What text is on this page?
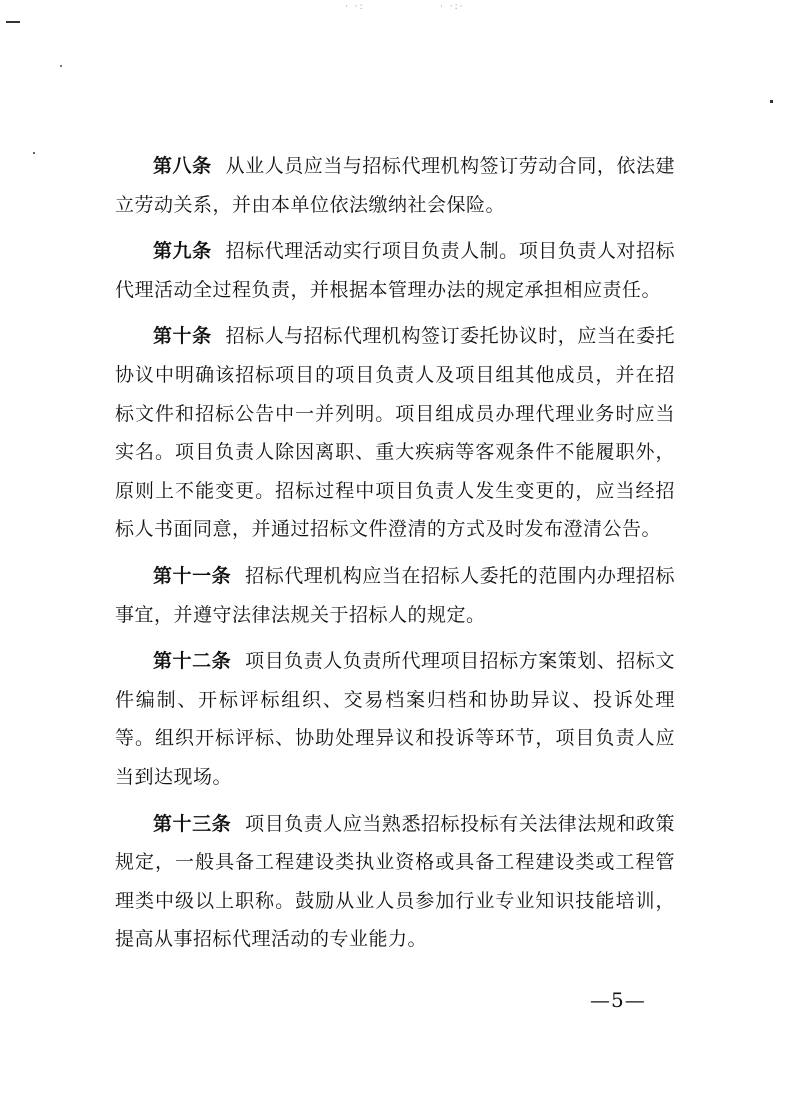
· ·:	· ·:·

第八条 从业人员应当与招标代理机构签订劳动合同，依法建立劳动关系，并由本单位依法缴纳社会保险。

第九条 招标代理活动实行项目负责人制。项目负责人对招标代理活动全过程负责，并根据本管理办法的规定承担相应责任。

第十条 招标人与招标代理机构签订委托协议时，应当在委托协议中明确该招标项目的项目负责人及项目组其他成员，并在招标文件和招标公告中一并列明。项目组成员办理代理业务时应当实名。项目负责人除因离职、重大疾病等客观条件不能履职外，原则上不能变更。招标过程中项目负责人发生变更的，应当经招标人书面同意，并通过招标文件澄清的方式及时发布澄清公告。

第十一条 招标代理机构应当在招标人委托的范围内办理招标事宜，并遵守法律法规关于招标人的规定。

第十二条 项目负责人负责所代理项目招标方案策划、招标文件编制、开标评标组织、交易档案归档和协助异议、投诉处理等。组织开标评标、协助处理异议和投诉等环节，项目负责人应当到达现场。

第十三条 项目负责人应当熟悉招标投标有关法律法规和政策规定，一般具备工程建设类执业资格或具备工程建设类或工程管理类中级以上职称。鼓励从业人员参加行业专业知识技能培训，提高从事招标代理活动的专业能力。

—5—
